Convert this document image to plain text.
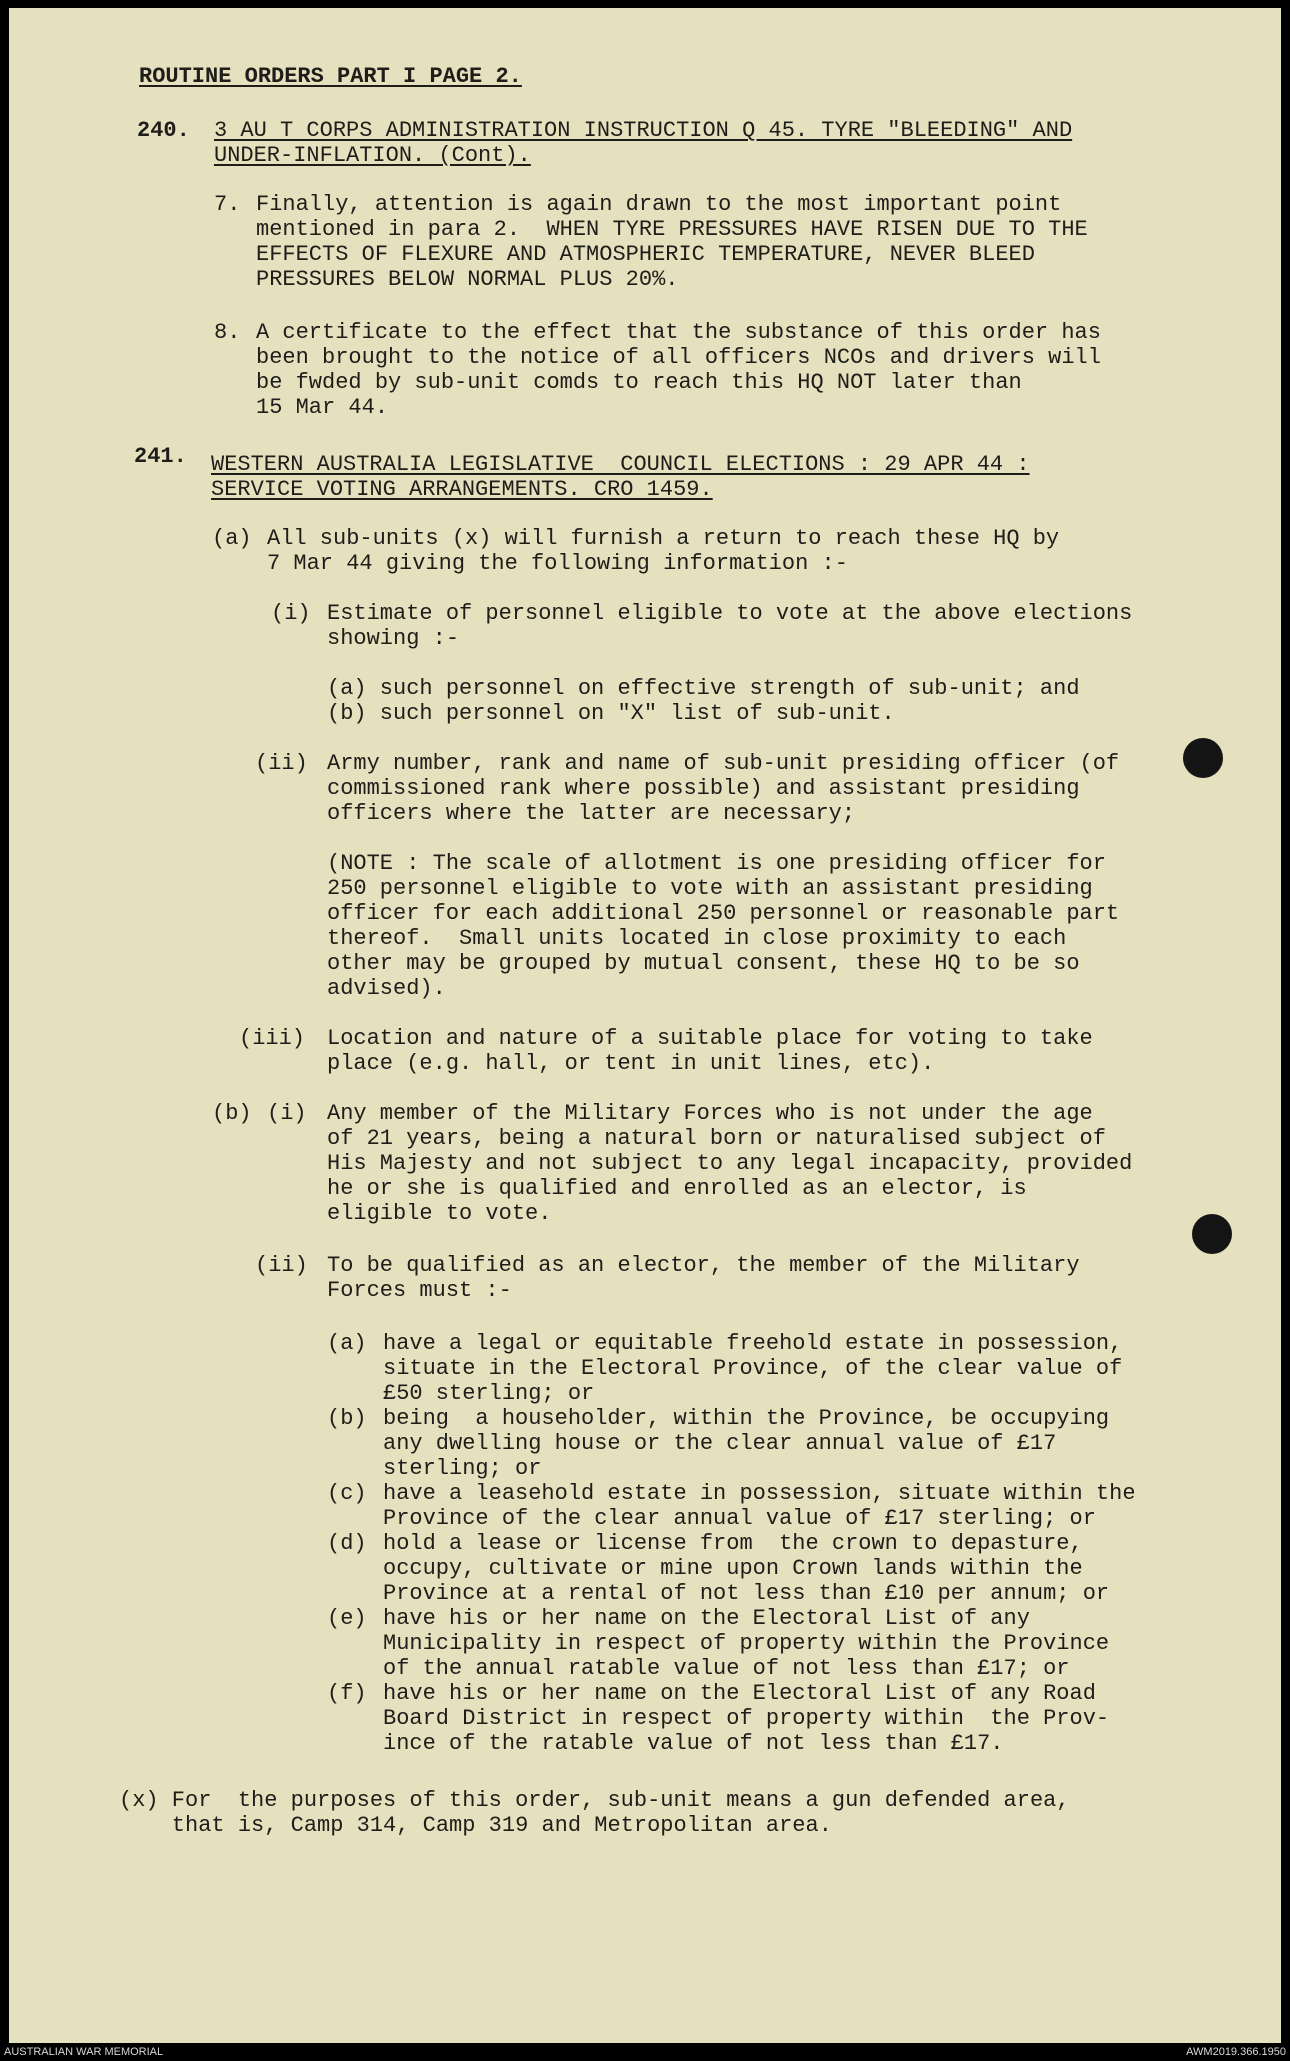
ROUTINE ORDERS PART I PAGE 2.
240. 3 AU T CORPS ADMINISTRATION INSTRUCTION Q 45. TYRE "BLEEDING" AND
UNDER-INFLATION. (Cont).
7. Finally, attention is again drawn to the most important point
mentioned in para 2.  WHEN TYRE PRESSURES HAVE RISEN DUE TO THE
EFFECTS OF FLEXURE AND ATMOSPHERIC TEMPERATURE, NEVER BLEED
PRESSURES BELOW NORMAL PLUS 20%.
8. A certificate to the effect that the substance of this order has
been brought to the notice of all officers NCOs and drivers will
be fwded by sub-unit comds to reach this HQ NOT later than
15 Mar 44.
241. WESTERN AUSTRALIA LEGISLATIVE  COUNCIL ELECTIONS : 29 APR 44 :
SERVICE VOTING ARRANGEMENTS. CRO 1459.
(a) All sub-units (x) will furnish a return to reach these HQ by
7 Mar 44 giving the following information :-
(i) Estimate of personnel eligible to vote at the above elections
showing :-
(a) such personnel on effective strength of sub-unit; and
(b) such personnel on "X" list of sub-unit.
(ii) Army number, rank and name of sub-unit presiding officer (of
commissioned rank where possible) and assistant presiding
officers where the latter are necessary;
(NOTE : The scale of allotment is one presiding officer for
250 personnel eligible to vote with an assistant presiding
officer for each additional 250 personnel or reasonable part
thereof.  Small units located in close proximity to each
other may be grouped by mutual consent, these HQ to be so
advised).
(iii) Location and nature of a suitable place for voting to take
place (e.g. hall, or tent in unit lines, etc).
(b) (i) Any member of the Military Forces who is not under the age
of 21 years, being a natural born or naturalised subject of
His Majesty and not subject to any legal incapacity, provided
he or she is qualified and enrolled as an elector, is
eligible to vote.
(ii) To be qualified as an elector, the member of the Military
Forces must :-
(a) have a legal or equitable freehold estate in possession,
situate in the Electoral Province, of the clear value of
£50 sterling; or
(b) being  a householder, within the Province, be occupying
any dwelling house or the clear annual value of £17
sterling; or
(c) have a leasehold estate in possession, situate within the
Province of the clear annual value of £17 sterling; or
(d) hold a lease or license from  the crown to depasture,
occupy, cultivate or mine upon Crown lands within the
Province at a rental of not less than £10 per annum; or
(e) have his or her name on the Electoral List of any
Municipality in respect of property within the Province
of the annual ratable value of not less than £17; or
(f) have his or her name on the Electoral List of any Road
Board District in respect of property within  the Prov-
ince of the ratable value of not less than £17.
(x) For  the purposes of this order, sub-unit means a gun defended area,
that is, Camp 314, Camp 319 and Metropolitan area.
AUSTRALIAN WAR MEMORIAL	AWM2019.366.1950
